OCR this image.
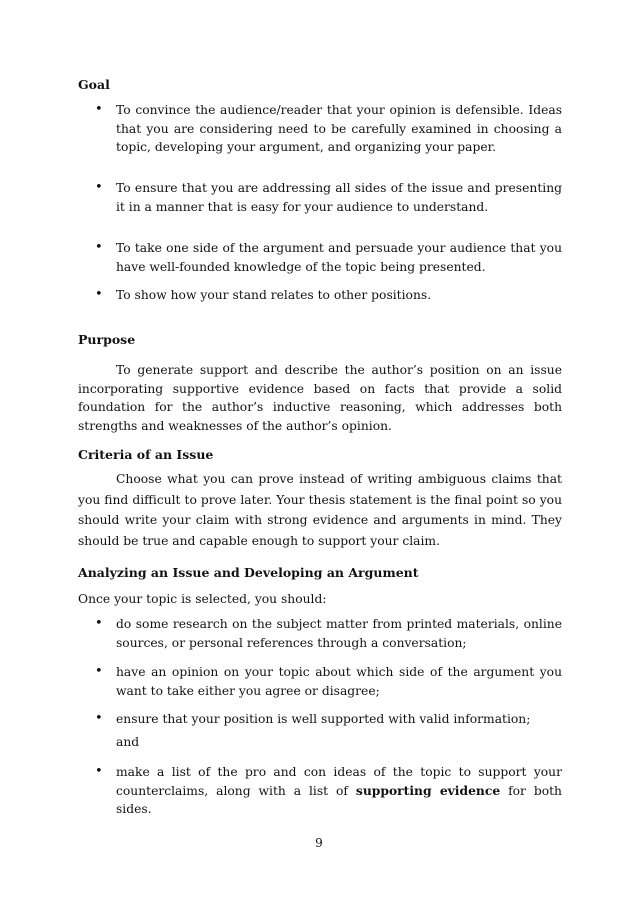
Goal
• To convince the audience/reader that your opinion is defensible. Ideas that you are considering need to be carefully examined in choosing a topic, developing your argument, and organizing your paper.
• To ensure that you are addressing all sides of the issue and presenting it in a manner that is easy for your audience to understand.
• To take one side of the argument and persuade your audience that you have well-founded knowledge of the topic being presented.
• To show how your stand relates to other positions.
Purpose
To generate support and describe the author’s position on an issue incorporating supportive evidence based on facts that provide a solid foundation for the author’s inductive reasoning, which addresses both strengths and weaknesses of the author’s opinion.
Criteria of an Issue
Choose what you can prove instead of writing ambiguous claims that you find difficult to prove later. Your thesis statement is the final point so you should write your claim with strong evidence and arguments in mind. They should be true and capable enough to support your claim.
Analyzing an Issue and Developing an Argument
Once your topic is selected, you should:
• do some research on the subject matter from printed materials, online sources, or personal references through a conversation;
• have an opinion on your topic about which side of the argument you want to take either you agree or disagree;
• ensure that your position is well supported with valid information;
and
• make a list of the pro and con ideas of the topic to support your counterclaims, along with a list of supporting evidence for both sides.
9
